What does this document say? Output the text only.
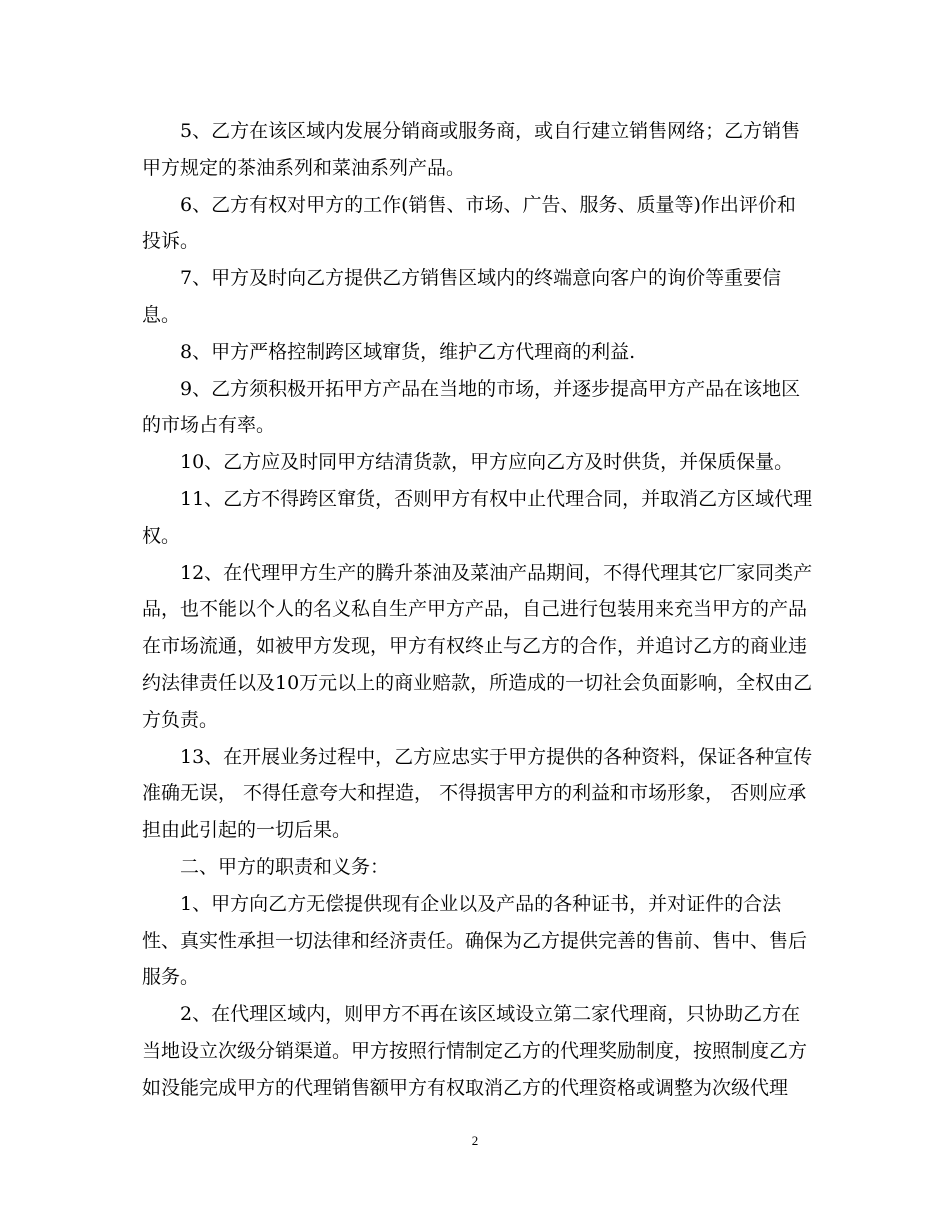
5、乙方在该区域内发展分销商或服务商，或自行建立销售网络；乙方销售
甲方规定的茶油系列和菜油系列产品。
6、乙方有权对甲方的工作(销售、市场、广告、服务、质量等)作出评价和
投诉。
7、甲方及时向乙方提供乙方销售区域内的终端意向客户的询价等重要信
息。
8、甲方严格控制跨区域窜货，维护乙方代理商的利益.
9、乙方须积极开拓甲方产品在当地的市场，并逐步提高甲方产品在该地区
的市场占有率。
10、乙方应及时同甲方结清货款，甲方应向乙方及时供货，并保质保量。
11、乙方不得跨区窜货，否则甲方有权中止代理合同，并取消乙方区域代理
权。
12、在代理甲方生产的腾升茶油及菜油产品期间，不得代理其它厂家同类产
品，也不能以个人的名义私自生产甲方产品，自己进行包装用来充当甲方的产品
在市场流通，如被甲方发现，甲方有权终止与乙方的合作，并追讨乙方的商业违
约法律责任以及10万元以上的商业赔款，所造成的一切社会负面影响，全权由乙
方负责。
13、在开展业务过程中，乙方应忠实于甲方提供的各种资料，保证各种宣传
准确无误， 不得任意夸大和捏造， 不得损害甲方的利益和市场形象， 否则应承
担由此引起的一切后果。
二、甲方的职责和义务：
1、甲方向乙方无偿提供现有企业以及产品的各种证书，并对证件的合法
性、真实性承担一切法律和经济责任。确保为乙方提供完善的售前、售中、售后
服务。
2、在代理区域内，则甲方不再在该区域设立第二家代理商，只协助乙方在
当地设立次级分销渠道。甲方按照行情制定乙方的代理奖励制度，按照制度乙方
如没能完成甲方的代理销售额甲方有权取消乙方的代理资格或调整为次级代理
2
